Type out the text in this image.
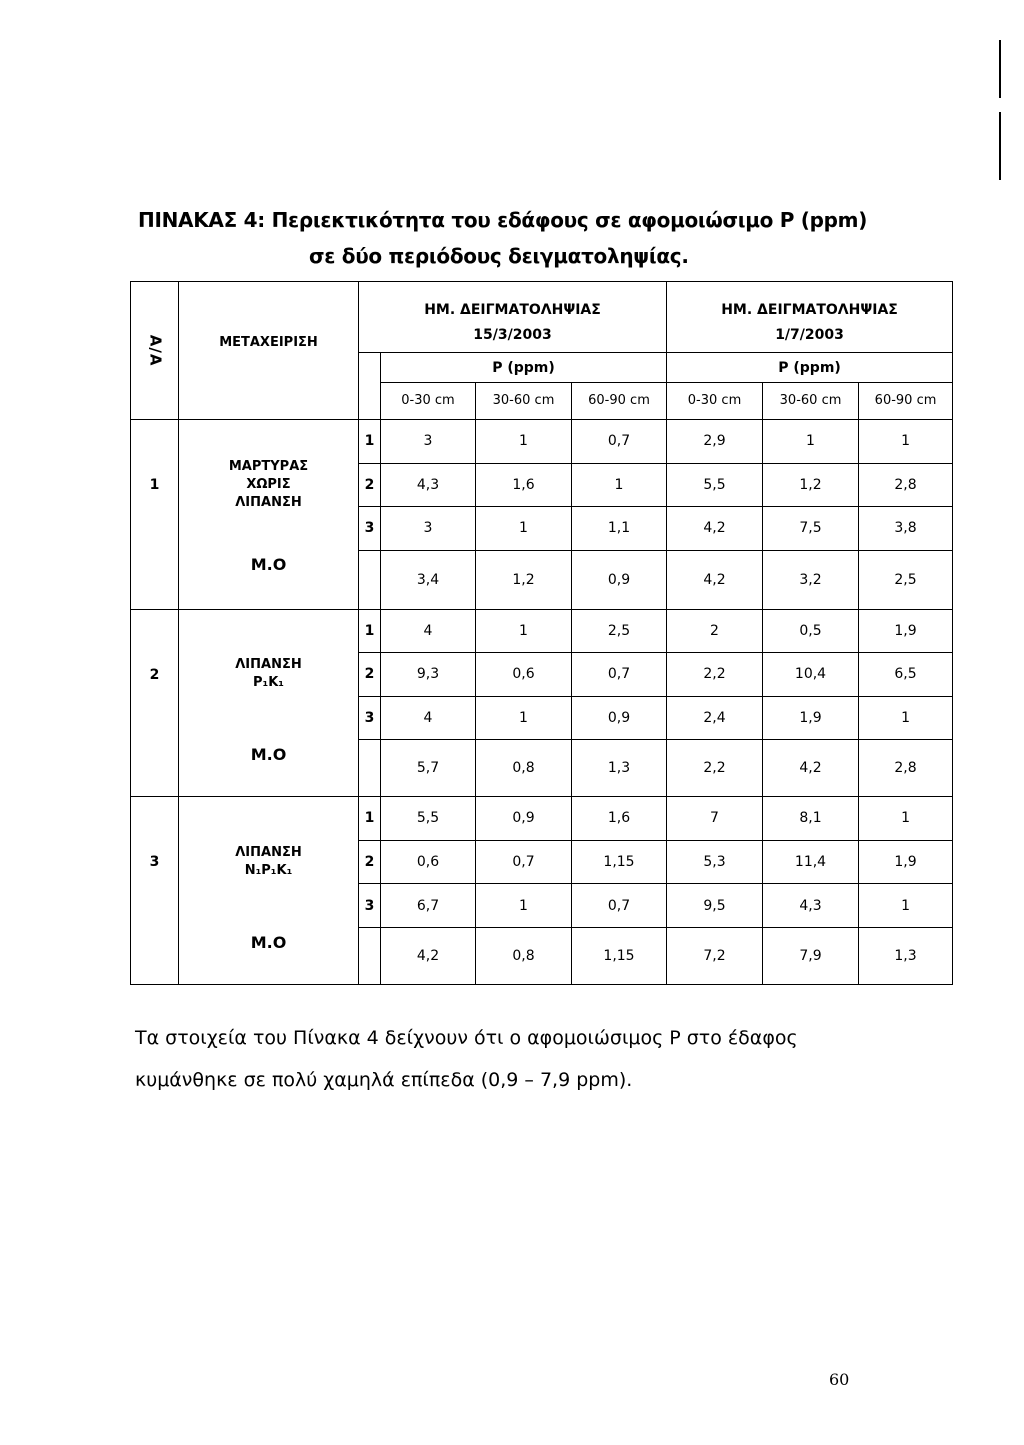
ΠΙΝΑΚΑΣ 4: Περιεκτικότητα του εδάφους σε αφομοιώσιμο Ρ (ppm)
σε δύο περιόδους δειγματοληψίας.
Α/Α	ΜΕΤΑΧΕΙΡΙΣΗ	ΗΜ. ΔΕΙΓΜΑΤΟΛΗΨΙΑΣ				ΗΜ. ΔΕΙΓΜΑΤΟΛΗΨΙΑΣ		
		15/3/2003				1/7/2003		
			Ρ (ppm)			Ρ (ppm)		
			0-30 cm	30-60 cm	60-90 cm	0-30 cm	30-60 cm	60-90 cm
1	ΜΑΡΤΥΡΑΣ
ΧΩΡΙΣ
ΛΙΠΑΝΣΗ	1	3	1	0,7	2,9	1	1
		2	4,3	1,6	1	5,5	1,2	2,8
		3	3	1	1,1	4,2	7,5	3,8
	Μ.Ο		3,4	1,2	0,9	4,2	3,2	2,5
2	ΛΙΠΑΝΣΗ
P₁K₁	1	4	1	2,5	2	0,5	1,9
		2	9,3	0,6	0,7	2,2	10,4	6,5
		3	4	1	0,9	2,4	1,9	1
	Μ.Ο		5,7	0,8	1,3	2,2	4,2	2,8
3	ΛΙΠΑΝΣΗ
N₁P₁K₁	1	5,5	0,9	1,6	7	8,1	1
		2	0,6	0,7	1,15	5,3	11,4	1,9
		3	6,7	1	0,7	9,5	4,3	1
	Μ.Ο		4,2	0,8	1,15	7,2	7,9	1,3
Τα στοιχεία του Πίνακα 4 δείχνουν ότι ο αφομοιώσιμος Ρ στο έδαφος
κυμάνθηκε σε πολύ χαμηλά επίπεδα (0,9 – 7,9 ppm).
60
